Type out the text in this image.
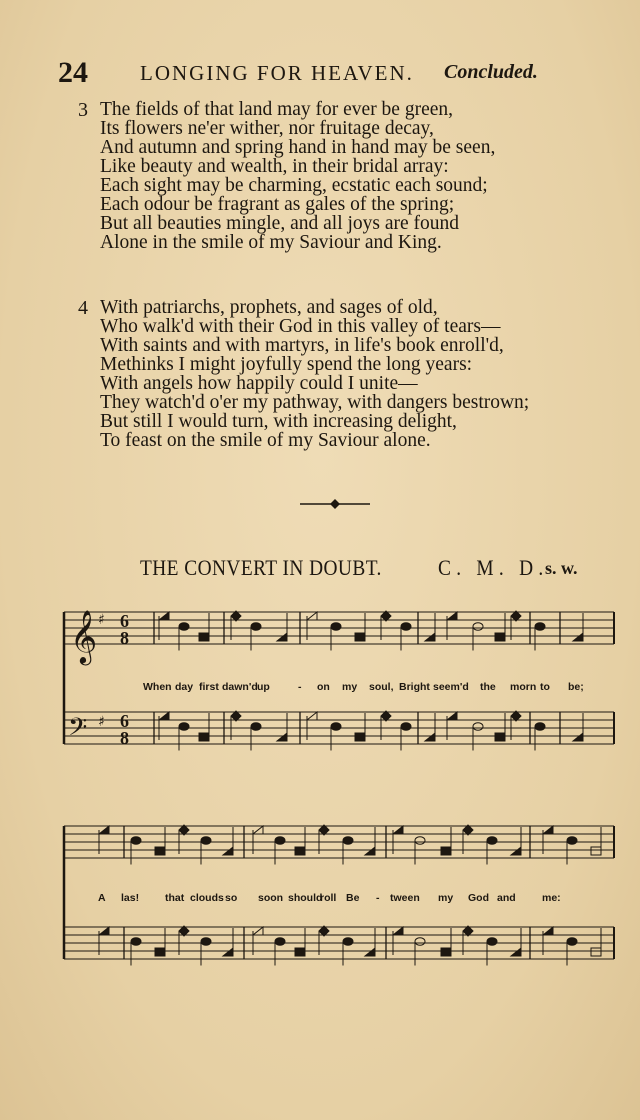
24 LONGING FOR HEAVEN. Concluded.
3 The fields of that land may for ever be green,
Its flowers ne'er wither, nor fruitage decay,
And autumn and spring hand in hand may be seen,
Like beauty and wealth, in their bridal array:
Each sight may be charming, ecstatic each sound;
Each odour be fragrant as gales of the spring;
But all beauties mingle, and all joys are found
Alone in the smile of my Saviour and King.
4 With patriarchs, prophets, and sages of old,
Who walk'd with their God in this valley of tears—
With saints and with martyrs, in life's book enroll'd,
Methinks I might joyfully spend the long years:
With angels how happily could I unite—
They watch'd o'er my pathway, with dangers bestrown;
But still I would turn, with increasing delight,
To feast on the smile of my Saviour alone.
THE CONVERT IN DOUBT.	C. M. D.
s. w.
𝄞 ♯
𝄢 ♯
6
8
6
8
When day first dawn'd up	- on my soul, Bright seem'd the morn to be;
A las! that clouds so soon should
roll Be - tween my God and	me:
